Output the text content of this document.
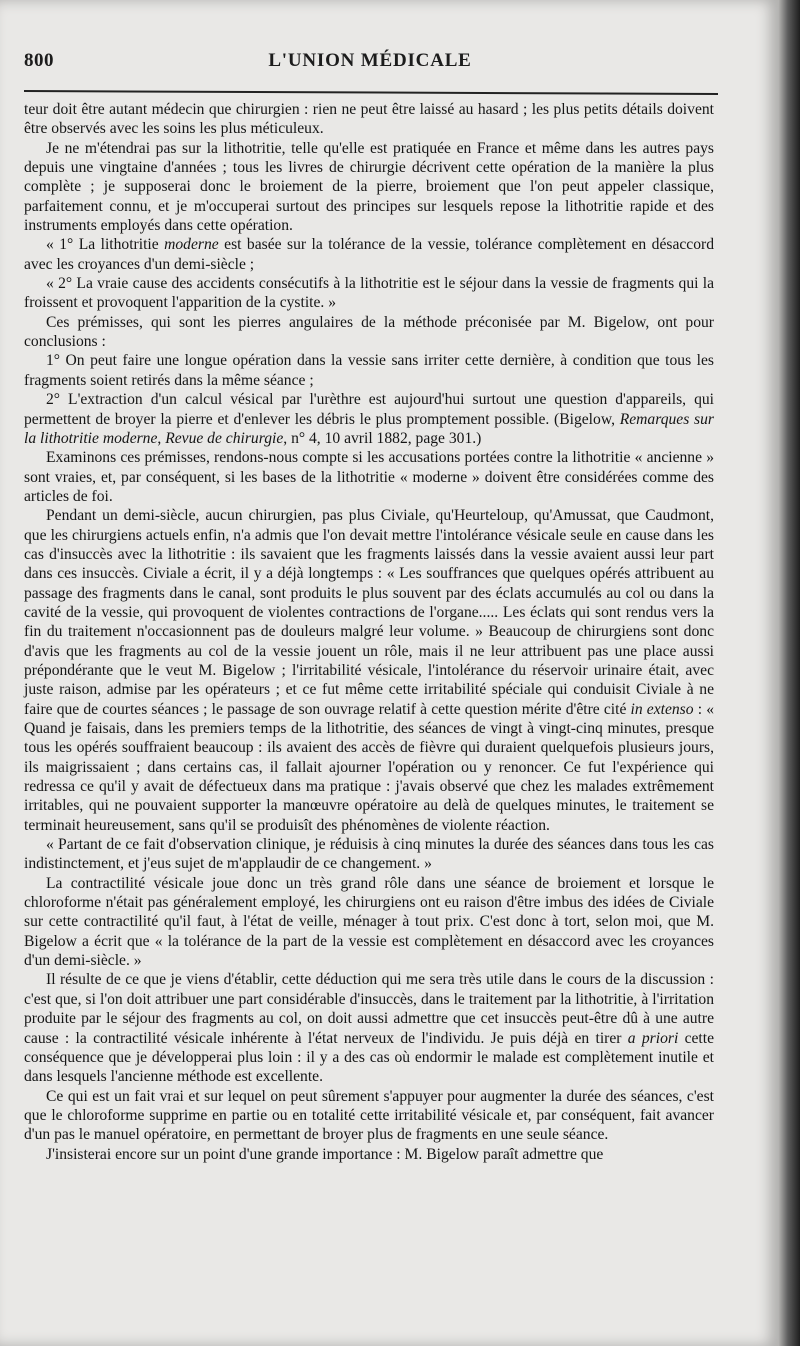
800	L'UNION MÉDICALE

teur doit être autant médecin que chirurgien : rien ne peut être laissé au hasard ; les plus petits détails doivent être observés avec les soins les plus méticuleux.

Je ne m'étendrai pas sur la lithotritie, telle qu'elle est pratiquée en France et même dans les autres pays depuis une vingtaine d'années ; tous les livres de chirurgie décrivent cette opération de la manière la plus complète ; je supposerai donc le broiement de la pierre, broiement que l'on peut appeler classique, parfaitement connu, et je m'occuperai surtout des principes sur lesquels repose la lithotritie rapide et des instruments employés dans cette opération.

« 1° La lithotritie moderne est basée sur la tolérance de la vessie, tolérance complètement en désaccord avec les croyances d'un demi-siècle ;

« 2° La vraie cause des accidents consécutifs à la lithotritie est le séjour dans la vessie de fragments qui la froissent et provoquent l'apparition de la cystite. »

Ces prémisses, qui sont les pierres angulaires de la méthode préconisée par M. Bigelow, ont pour conclusions :

1° On peut faire une longue opération dans la vessie sans irriter cette dernière, à condition que tous les fragments soient retirés dans la même séance ;

2° L'extraction d'un calcul vésical par l'urèthre est aujourd'hui surtout une question d'appareils, qui permettent de broyer la pierre et d'enlever les débris le plus promptement possible. (Bigelow, Remarques sur la lithotritie moderne, Revue de chirurgie, n° 4, 10 avril 1882, page 301.)

Examinons ces prémisses, rendons-nous compte si les accusations portées contre la lithotritie « ancienne » sont vraies, et, par conséquent, si les bases de la lithotritie « moderne » doivent être considérées comme des articles de foi.

Pendant un demi-siècle, aucun chirurgien, pas plus Civiale, qu'Heurteloup, qu'Amussat, que Caudmont, que les chirurgiens actuels enfin, n'a admis que l'on devait mettre l'intolérance vésicale seule en cause dans les cas d'insuccès avec la lithotritie : ils savaient que les fragments laissés dans la vessie avaient aussi leur part dans ces insuccès. Civiale a écrit, il y a déjà longtemps : « Les souffrances que quelques opérés attribuent au passage des fragments dans le canal, sont produits le plus souvent par des éclats accumulés au col ou dans la cavité de la vessie, qui provoquent de violentes contractions de l'organe..... Les éclats qui sont rendus vers la fin du traitement n'occasionnent pas de douleurs malgré leur volume. » Beaucoup de chirurgiens sont donc d'avis que les fragments au col de la vessie jouent un rôle, mais il ne leur attribuent pas une place aussi prépondérante que le veut M. Bigelow ; l'irritabilité vésicale, l'intolérance du réservoir urinaire était, avec juste raison, admise par les opérateurs ; et ce fut même cette irritabilité spéciale qui conduisit Civiale à ne faire que de courtes séances ; le passage de son ouvrage relatif à cette question mérite d'être cité in extenso : « Quand je faisais, dans les premiers temps de la lithotritie, des séances de vingt à vingt-cinq minutes, presque tous les opérés souffraient beaucoup : ils avaient des accès de fièvre qui duraient quelquefois plusieurs jours, ils maigrissaient ; dans certains cas, il fallait ajourner l'opération ou y renoncer. Ce fut l'expérience qui redressa ce qu'il y avait de défectueux dans ma pratique : j'avais observé que chez les malades extrêmement irritables, qui ne pouvaient supporter la manœuvre opératoire au delà de quelques minutes, le traitement se terminait heureusement, sans qu'il se produisît des phénomènes de violente réaction.

« Partant de ce fait d'observation clinique, je réduisis à cinq minutes la durée des séances dans tous les cas indistinctement, et j'eus sujet de m'applaudir de ce changement. »

La contractilité vésicale joue donc un très grand rôle dans une séance de broiement et lorsque le chloroforme n'était pas généralement employé, les chirurgiens ont eu raison d'être imbus des idées de Civiale sur cette contractilité qu'il faut, à l'état de veille, ménager à tout prix. C'est donc à tort, selon moi, que M. Bigelow a écrit que « la tolérance de la part de la vessie est complètement en désaccord avec les croyances d'un demi-siècle. »

Il résulte de ce que je viens d'établir, cette déduction qui me sera très utile dans le cours de la discussion : c'est que, si l'on doit attribuer une part considérable d'insuccès, dans le traitement par la lithotritie, à l'irritation produite par le séjour des fragments au col, on doit aussi admettre que cet insuccès peut-être dû à une autre cause : la contractilité vésicale inhérente à l'état nerveux de l'individu. Je puis déjà en tirer a priori cette conséquence que je développerai plus loin : il y a des cas où endormir le malade est complètement inutile et dans lesquels l'ancienne méthode est excellente.

Ce qui est un fait vrai et sur lequel on peut sûrement s'appuyer pour augmenter la durée des séances, c'est que le chloroforme supprime en partie ou en totalité cette irritabilité vésicale et, par conséquent, fait avancer d'un pas le manuel opératoire, en permettant de broyer plus de fragments en une seule séance.

J'insisterai encore sur un point d'une grande importance : M. Bigelow paraît admettre que
